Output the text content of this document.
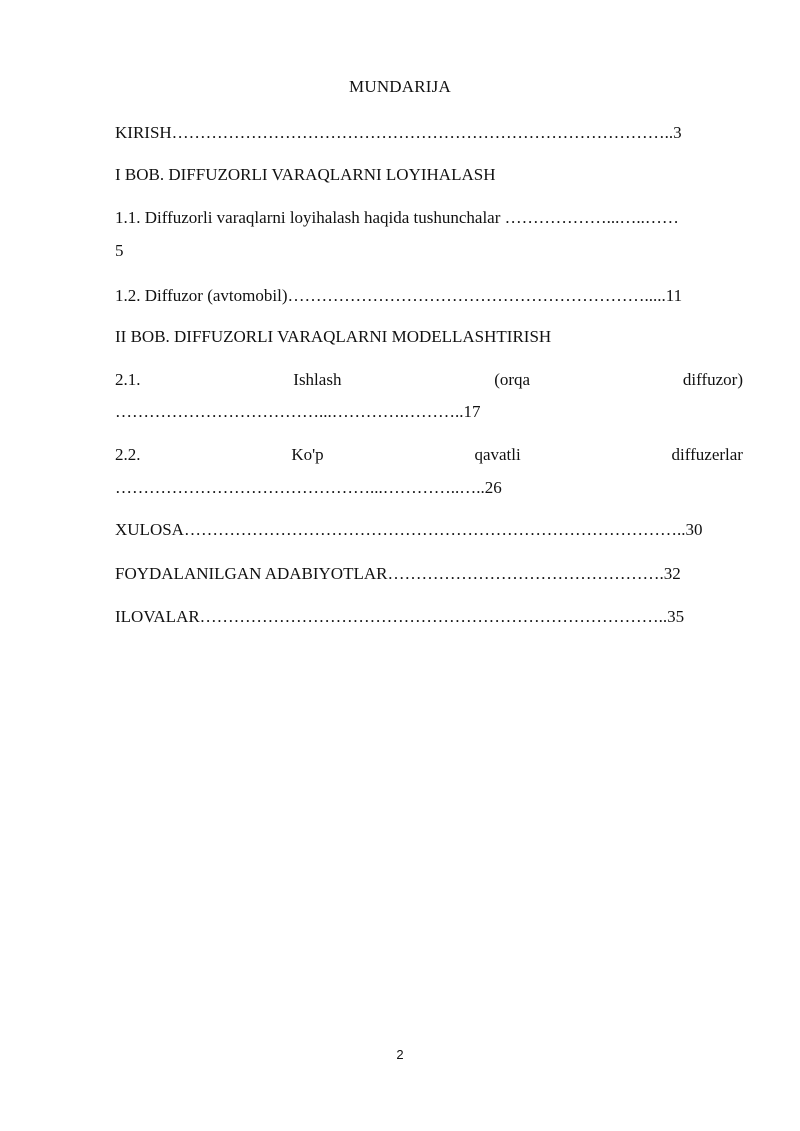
MUNDARIJA
KIRISH……………………………………………………………………………..3
I BOB. DIFFUZORLI VARAQLARNI LOYIHALASH
1.1. Diffuzorli varaqlarni loyihalash haqida tushunchalar ………………...…..……
5
1.2. Diffuzor (avtomobil)……………………………………………………….....11
II BOB. DIFFUZORLI VARAQLARNI MODELLASHTIRISH
2.1.	Ishlash	(orqa	diffuzor)
………………………………...………….………..17
2.2.	Ko'p	qavatli	diffuzerlar
………………………………………...…………..…..26
XULOSA……………………………………………………………………………..30
FOYDALANILGAN ADABIYOTLAR………………………………………….32
ILOVALAR………………………………………………………………………..35
2
